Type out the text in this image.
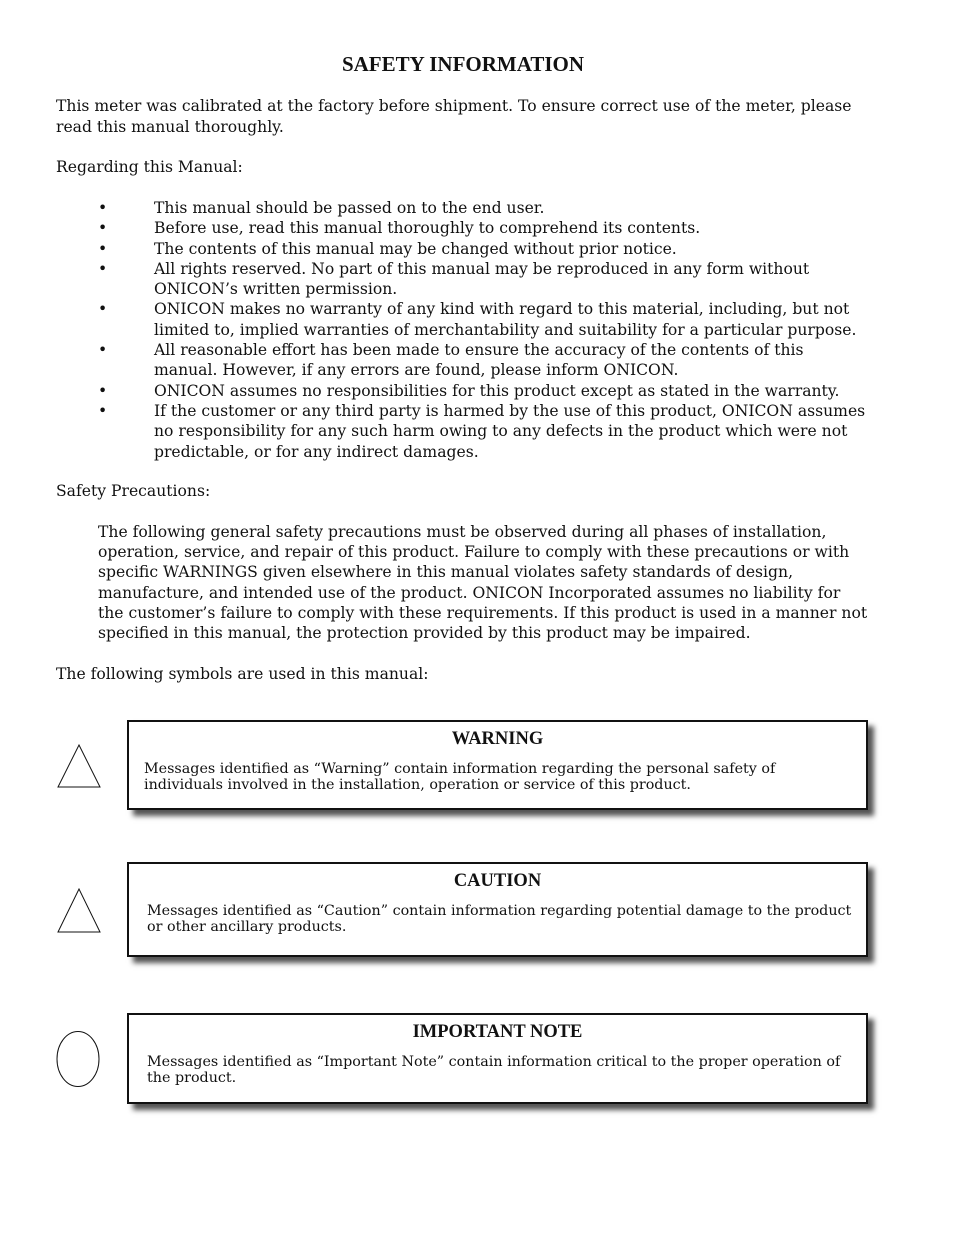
SAFETY INFORMATION

This meter was calibrated at the factory before shipment. To ensure correct use of the meter, please read this manual thoroughly.

Regarding this Manual:

•	This manual should be passed on to the end user.
•	Before use, read this manual thoroughly to comprehend its contents.
•	The contents of this manual may be changed without prior notice.
•	All rights reserved. No part of this manual may be reproduced in any form without ONICON’s written permission.
•	ONICON makes no warranty of any kind with regard to this material, including, but not limited to, implied warranties of merchantability and suitability for a particular purpose.
•	All reasonable effort has been made to ensure the accuracy of the contents of this manual. However, if any errors are found, please inform ONICON.
•	ONICON assumes no responsibilities for this product except as stated in the warranty.
•	If the customer or any third party is harmed by the use of this product, ONICON assumes no responsibility for any such harm owing to any defects in the product which were not predictable, or for any indirect damages.

Safety Precautions:

The following general safety precautions must be observed during all phases of installation, operation, service, and repair of this product. Failure to comply with these precautions or with specific WARNINGS given elsewhere in this manual violates safety standards of design, manufacture, and intended use of the product. ONICON Incorporated assumes no liability for the customer’s failure to comply with these requirements. If this product is used in a manner not specified in this manual, the protection provided by this product may be impaired.

The following symbols are used in this manual:

WARNING
Messages identified as “Warning” contain information regarding the personal safety of individuals involved in the installation, operation or service of this product.
CAUTION
Messages identified as “Caution” contain information regarding potential damage to the product or other ancillary products.
IMPORTANT NOTE
Messages identified as “Important Note” contain information critical to the proper operation of the product.
